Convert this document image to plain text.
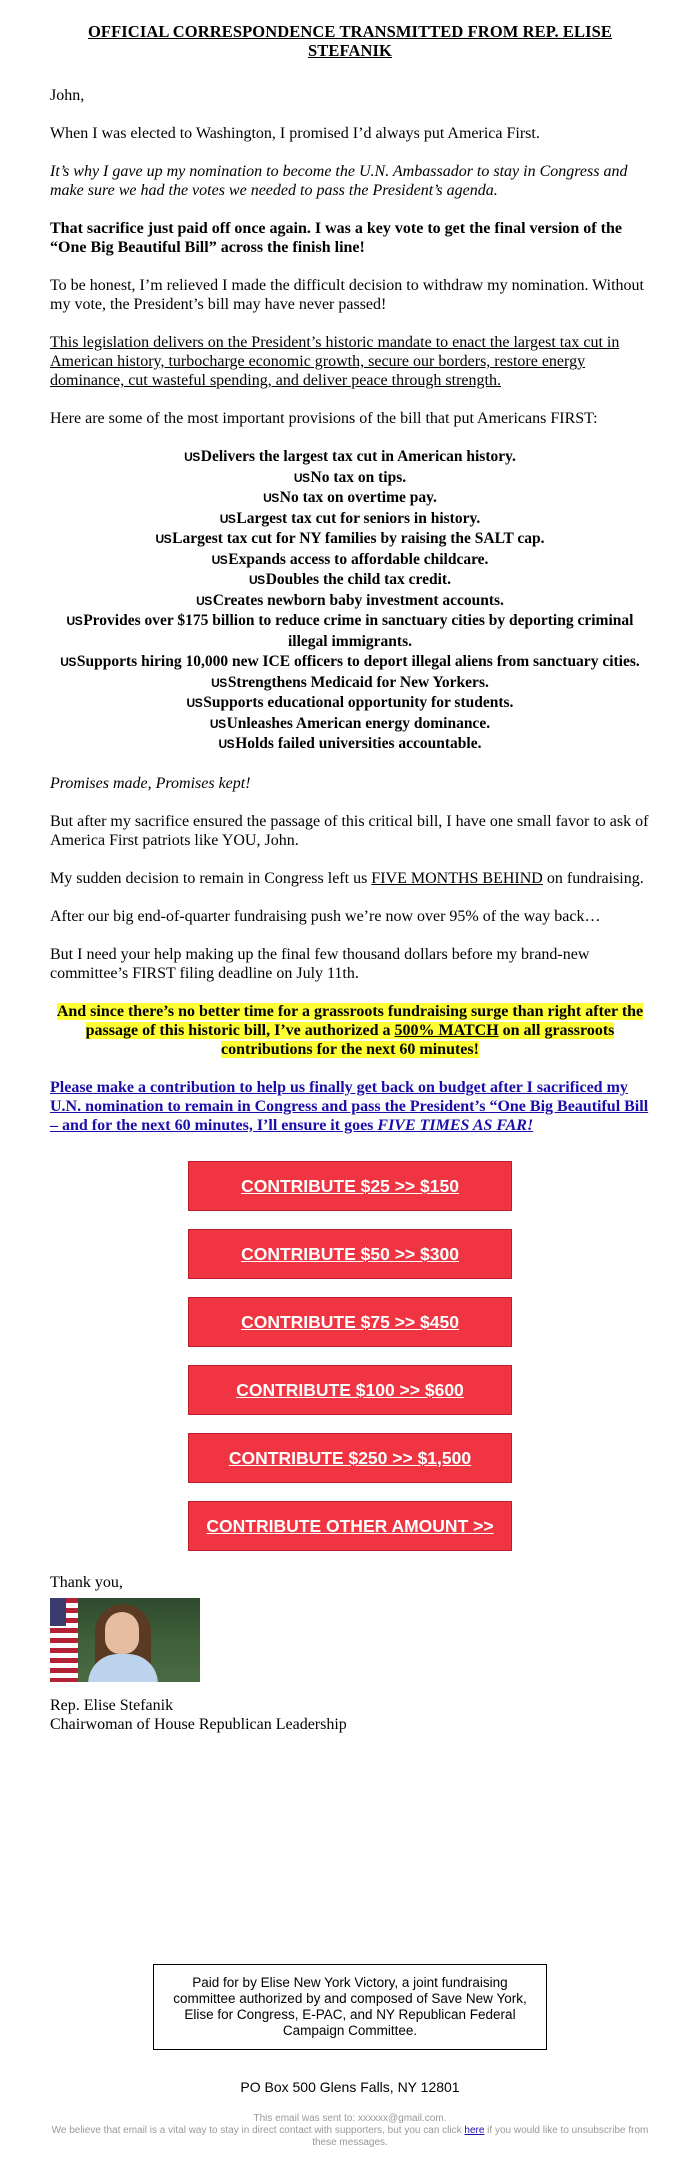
OFFICIAL CORRESPONDENCE TRANSMITTED FROM REP. ELISE STEFANIK

John,

When I was elected to Washington, I promised I’d always put America First.

It’s why I gave up my nomination to become the U.N. Ambassador to stay in Congress and make sure we had the votes we needed to pass the President’s agenda.

That sacrifice just paid off once again. I was a key vote to get the final version of the “One Big Beautiful Bill” across the finish line!

To be honest, I’m relieved I made the difficult decision to withdraw my nomination. Without my vote, the President’s bill may have never passed!

This legislation delivers on the President’s historic mandate to enact the largest tax cut in American history, turbocharge economic growth, secure our borders, restore energy dominance, cut wasteful spending, and deliver peace through strength.

Here are some of the most important provisions of the bill that put Americans FIRST:

USDelivers the largest tax cut in American history.
USNo tax on tips.
USNo tax on overtime pay.
USLargest tax cut for seniors in history.
USLargest tax cut for NY families by raising the SALT cap.
USExpands access to affordable childcare.
USDoubles the child tax credit.
USCreates newborn baby investment accounts.
USProvides over $175 billion to reduce crime in sanctuary cities by deporting criminal illegal immigrants.
USSupports hiring 10,000 new ICE officers to deport illegal aliens from sanctuary cities.
USStrengthens Medicaid for New Yorkers.
USSupports educational opportunity for students.
USUnleashes American energy dominance.
USHolds failed universities accountable.

Promises made, Promises kept!

But after my sacrifice ensured the passage of this critical bill, I have one small favor to ask of America First patriots like YOU, John.

My sudden decision to remain in Congress left us FIVE MONTHS BEHIND on fundraising.

After our big end-of-quarter fundraising push we’re now over 95% of the way back…

But I need your help making up the final few thousand dollars before my brand-new committee’s FIRST filing deadline on July 11th.

And since there’s no better time for a grassroots fundraising surge than right after the passage of this historic bill, I’ve authorized a 500% MATCH on all grassroots contributions for the next 60 minutes!
Please make a contribution to help us finally get back on budget after I sacrificed my U.N. nomination to remain in Congress and pass the President’s “One Big Beautiful Bill – and for the next 60 minutes, I’ll ensure it goes FIVE TIMES AS FAR!
CONTRIBUTE $25 >> $150
CONTRIBUTE $50 >> $300
CONTRIBUTE $75 >> $450
CONTRIBUTE $100 >> $600
CONTRIBUTE $250 >> $1,500
CONTRIBUTE OTHER AMOUNT >>
Thank you,
Rep. Elise Stefanik
Chairwoman of House Republican Leadership
Paid for by Elise New York Victory, a joint fundraising committee authorized by and composed of Save New York, Elise for Congress, E-PAC, and NY Republican Federal Campaign Committee.
PO Box 500 Glens Falls, NY 12801
This email was sent to: xxxxxx@gmail.com.
We believe that email is a vital way to stay in direct contact with supporters, but you can click here if you would like to unsubscribe from these messages.
